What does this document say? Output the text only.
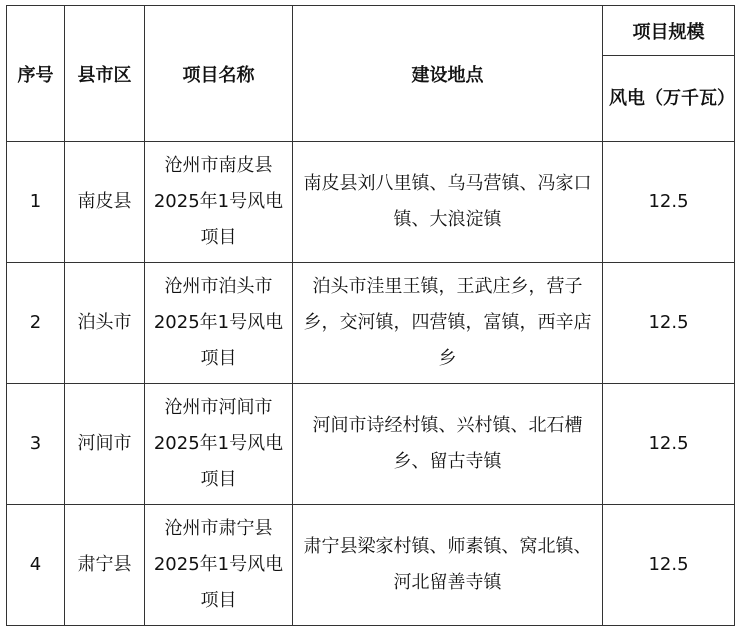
序号	县市区	项目名称	建设地点	项目规模
				风电（万千瓦）
1	南皮县	沧州市南皮县2025年1号风电项目	南皮县刘八里镇、乌马营镇、冯家口镇、大浪淀镇	12.5
2	泊头市	沧州市泊头市2025年1号风电项目	泊头市洼里王镇，王武庄乡，营子乡，交河镇，四营镇，富镇，西辛店乡	12.5
3	河间市	沧州市河间市2025年1号风电项目	河间市诗经村镇、兴村镇、北石槽乡、留古寺镇	12.5
4	肃宁县	沧州市肃宁县2025年1号风电项目	肃宁县梁家村镇、师素镇、窝北镇、河北留善寺镇	12.5
